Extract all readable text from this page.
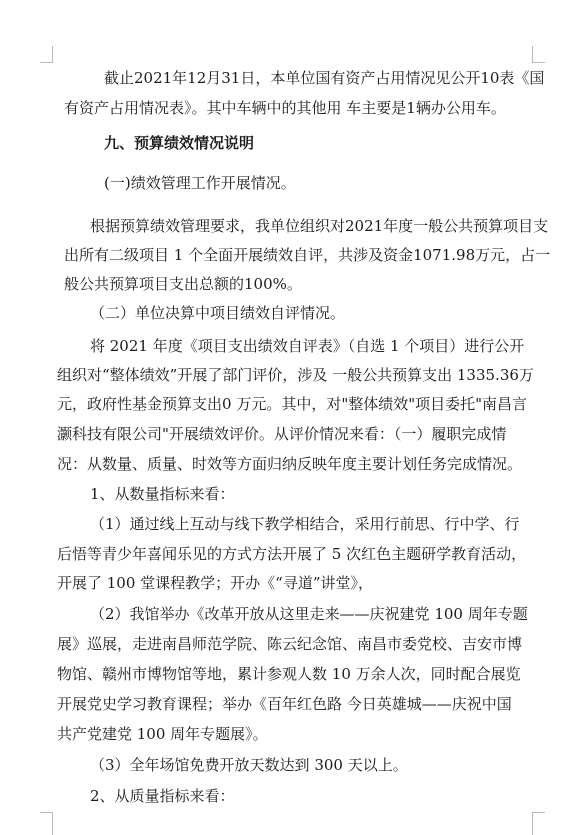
截止2021年12月31日，本单位国有资产占用情况见公开10表《国
有资产占用情况表》。其中车辆中的其他用 车主要是1辆办公用车。
九、预算绩效情况说明
(一)绩效管理工作开展情况。
根据预算绩效管理要求，我单位组织对2021年度一般公共预算项目支
出所有二级项目 1 个全面开展绩效自评，共涉及资金1071.98万元，占一
般公共预算项目支出总额的100%。
（二）单位决算中项目绩效自评情况。
将 2021 年度《项目支出绩效自评表》（自选 1 个项目）进行公开
组织对“整体绩效”开展了部门评价，涉及 一般公共预算支出 1335.36万
元，政府性基金预算支出0 万元。其中，对"整体绩效"项目委托"南昌言
灏科技有限公司"开展绩效评价。从评价情况来看：（一）履职完成情
况：从数量、质量、时效等方面归纳反映年度主要计划任务完成情况。
1、从数量指标来看：
（1）通过线上互动与线下教学相结合，采用行前思、行中学、行
后悟等青少年喜闻乐见的方式方法开展了 5 次红色主题研学教育活动，
开展了 100 堂课程教学；开办《“寻道”讲堂》，
（2）我馆举办《改革开放从这里走来——庆祝建党 100 周年专题
展》巡展，走进南昌师范学院、陈云纪念馆、南昌市委党校、吉安市博
物馆、赣州市博物馆等地，累计参观人数 10 万余人次，同时配合展览
开展党史学习教育课程；举办《百年红色路 今日英雄城——庆祝中国
共产党建党 100 周年专题展》。
（3）全年场馆免费开放天数达到 300 天以上。
2、从质量指标来看：
